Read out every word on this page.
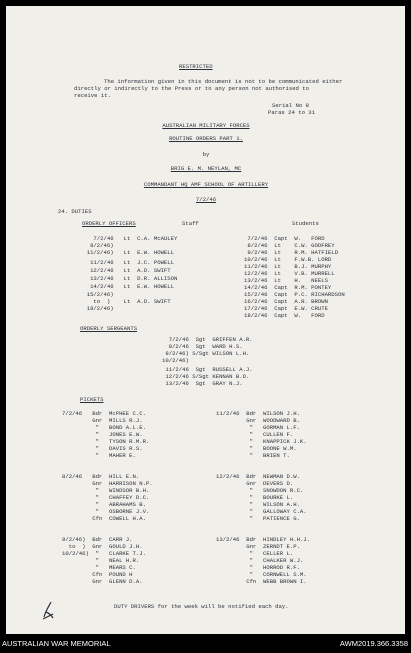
RESTRICTED
The information given in this document is not to be communicated either
directly or indirectly to the Press or to any person not authorised to
receive it.
Serial No 8
Paras 24 to 31
AUSTRALIAN MILITARY FORCES
ROUTINE ORDERS PART 1.
by
BRIG E. M. NEYLAN, MC
COMMANDANT HQ AMF SCHOOL OF ARTILLERY
7/2/46
24. DUTIES
ORDERLY OFFICERS	Staff	Students
7/2/46   Lt  C.A. McAULEY
8/2/46)
11/2/46)   Lt  E.W. HOWELL
11/2/46   Lt  J.C. POWELL
12/2/46   Lt  A.D. SWIFT
13/2/46   Lt  D.R. ALLISON
14/2/46   Lt  E.W. HOWELL
15/2/46)
to  )    Lt  A.D. SWIFT
18/2/46)
7/2/46  Capt  W.   FORD
8/2/46  Lt    C.W. GODFREY
9/2/46  Lt    R.M. HATFIELD
10/2/46  Lt    F.W.B. LORD
11/2/46  Lt    B.J. MURPHY
12/2/46  Lt    V.B. MURRELL
13/2/46  Lt    H.   NEELS
14/2/46  Capt  R.M. PONTEY
15/2/46  Capt  P.C. RICHARDSON
16/2/46  Capt  A.R. BROWN
17/2/46  Capt  E.W. CRUTE
18/2/46  Capt  W.   FORD
ORDERLY SERGEANTS
7/2/46  Sgt  GRIFFEN A.R.
8/2/46  Sgt  WARD H.S.
9/2/46) S/Sgt WILSON L.H.
10/2/46)
11/2/46  Sgt  RUSSELL A.J.
12/2/46 S/Sgt KENNAN B.D.
13/2/46  Sgt  GRAY N.J.
PICKETS
7/2/46   Bdr  McPHEE C.C.
Gnr  MILLS R.J.
"   BOND A.L.E.
"   JONES E.W.
"   TYSON R.M.R.
"   DAVIS R.S.
"   MAHER E.
8/2/46   Bdr  HILL E.N.
Gnr  HARRISON N.P.
"   WINDSOR B.H.
"   CHAFFEY D.C.
"   ABRAHAMS B.
"   OSBORNE J.V.
Cfn  COWELL H.A.
9/2/46)  Bdr  CARR J.
to  )  Gnr  GOULD J.H.
10/2/46)  "   CLARKE T.J.
"   NEAL H.R.
"   MEARS C.
Cfn  POUND H
Gnr  GLENN D.A.
11/2/46  Bdr  WILSON J.H.
Gnr  WOODWARD B.
"   GORMAN L.F.
"   CULLEN F.
"   KNAPPICK J.K.
"   BOONE W.M.
"   BRIEN T.
12/2/46  Bdr  NEWMAN D.W.
Gnr  DEVERS D.
"   SNOWDON R.C.
"   BOURKE L.
"   WILSON A.H.
"   GALLOWAY C.A.
"   PATIENCE G.
13/2/46  Bdr  HINDLEY H.H.J.
Gnr  ZERNDT E.P.
"   CELLER L.
"   CHALKER W.J.
"   HORROD R.F.
"   CORNWELL S.M.
Cfn  WEBB BROWN I.
DUTY DRIVERS for the week will be notified each day.
AUSTRALIAN WAR MEMORIAL	AWM2019.366.3358
